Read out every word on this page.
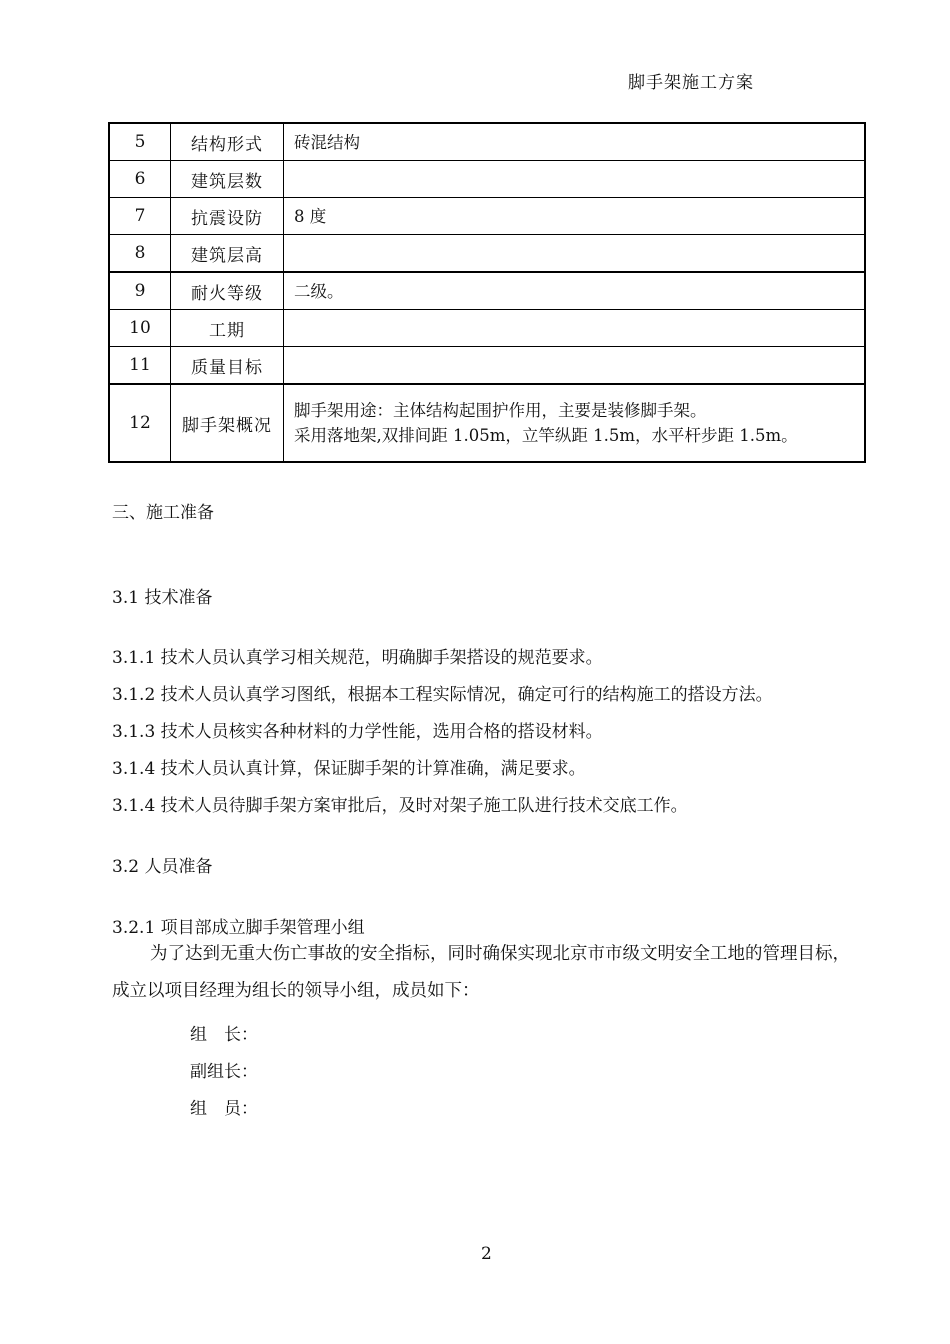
脚手架施工方案
5	结构形式	砖混结构

6	建筑层数	

7	抗震设防	8 度

8	建筑层高	

9	耐火等级	二级。

10	工期	

11	质量目标	

12	脚手架概况	脚手架用途：主体结构起围护作用，主要是装修脚手架。
采用落地架,双排间距 1.05m，立竿纵距 1.5m，水平杆步距 1.5m。
三、施工准备
3.1 技术准备
3.1.1 技术人员认真学习相关规范，明确脚手架搭设的规范要求。
3.1.2 技术人员认真学习图纸，根据本工程实际情况，确定可行的结构施工的搭设方法。
3.1.3 技术人员核实各种材料的力学性能，选用合格的搭设材料。
3.1.4 技术人员认真计算，保证脚手架的计算准确，满足要求。
3.1.4 技术人员待脚手架方案审批后，及时对架子施工队进行技术交底工作。
3.2 人员准备
3.2.1 项目部成立脚手架管理小组
为了达到无重大伤亡事故的安全指标，同时确保实现北京市市级文明安全工地的管理目标，成立以项目经理为组长的领导小组，成员如下：
组　长：
副组长：
组　员：
2
